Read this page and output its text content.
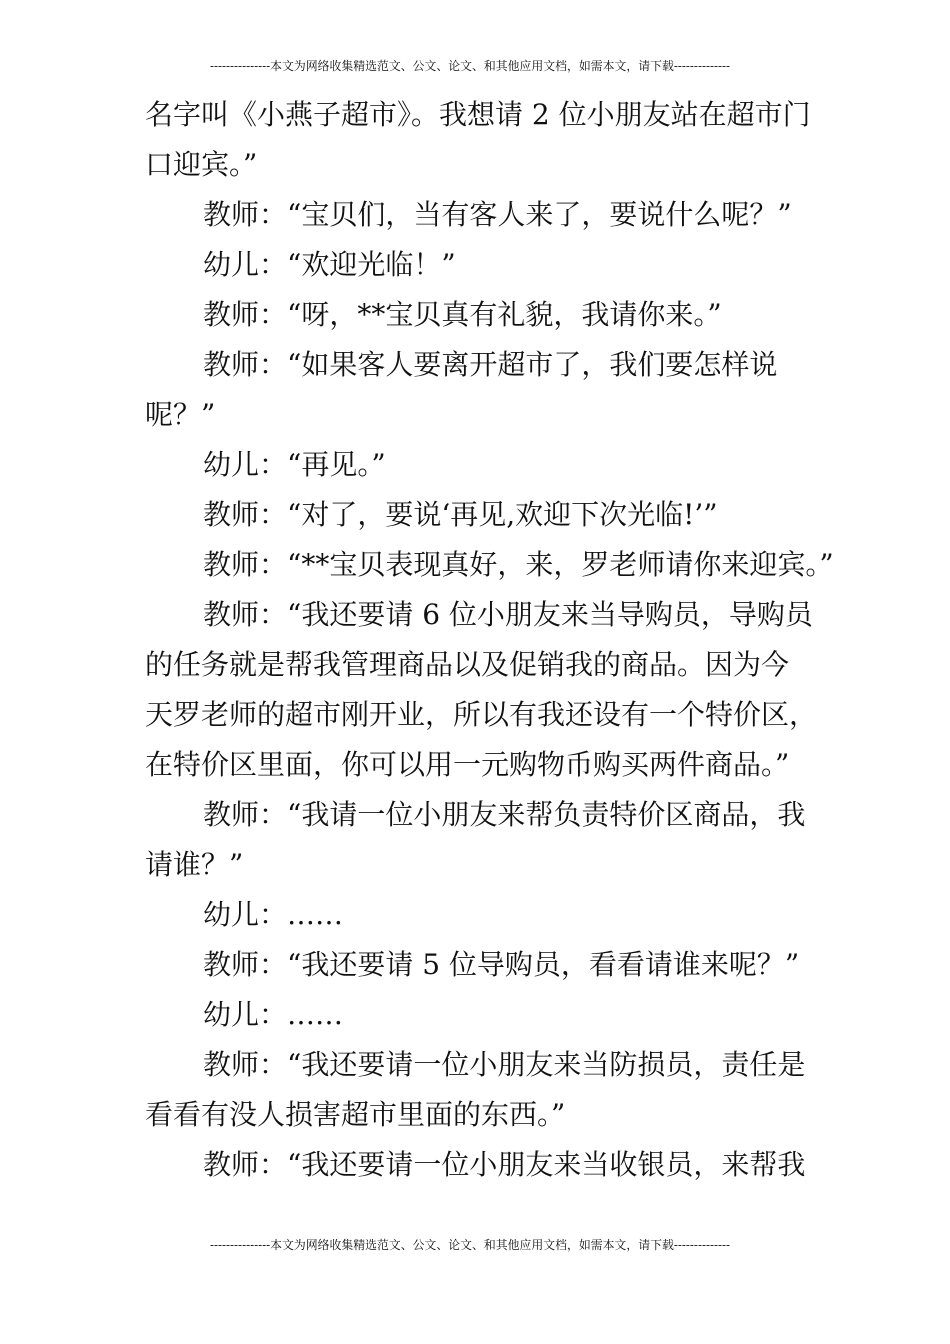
---------------本文为网络收集精选范文、公文、论文、和其他应用文档，如需本文，请下载--------------
名字叫《小燕子超市》。我想请 2 位小朋友站在超市门
口迎宾。”
教师：“宝贝们，当有客人来了，要说什么呢？”
幼儿：“欢迎光临！”
教师：“呀，**宝贝真有礼貌，我请你来。”
教师：“如果客人要离开超市了，我们要怎样说
呢？”
幼儿：“再见。”
教师：“对了，要说‘再见,欢迎下次光临!’”
教师：“**宝贝表现真好，来，罗老师请你来迎宾。”
教师：“我还要请 6 位小朋友来当导购员，导购员
的任务就是帮我管理商品以及促销我的商品。因为今
天罗老师的超市刚开业，所以有我还设有一个特价区，
在特价区里面，你可以用一元购物币购买两件商品。”
教师：“我请一位小朋友来帮负责特价区商品，我
请谁？”
幼儿：……
教师：“我还要请 5 位导购员，看看请谁来呢？”
幼儿：……
教师：“我还要请一位小朋友来当防损员，责任是
看看有没人损害超市里面的东西。”
教师：“我还要请一位小朋友来当收银员，来帮我
---------------本文为网络收集精选范文、公文、论文、和其他应用文档，如需本文，请下载--------------
